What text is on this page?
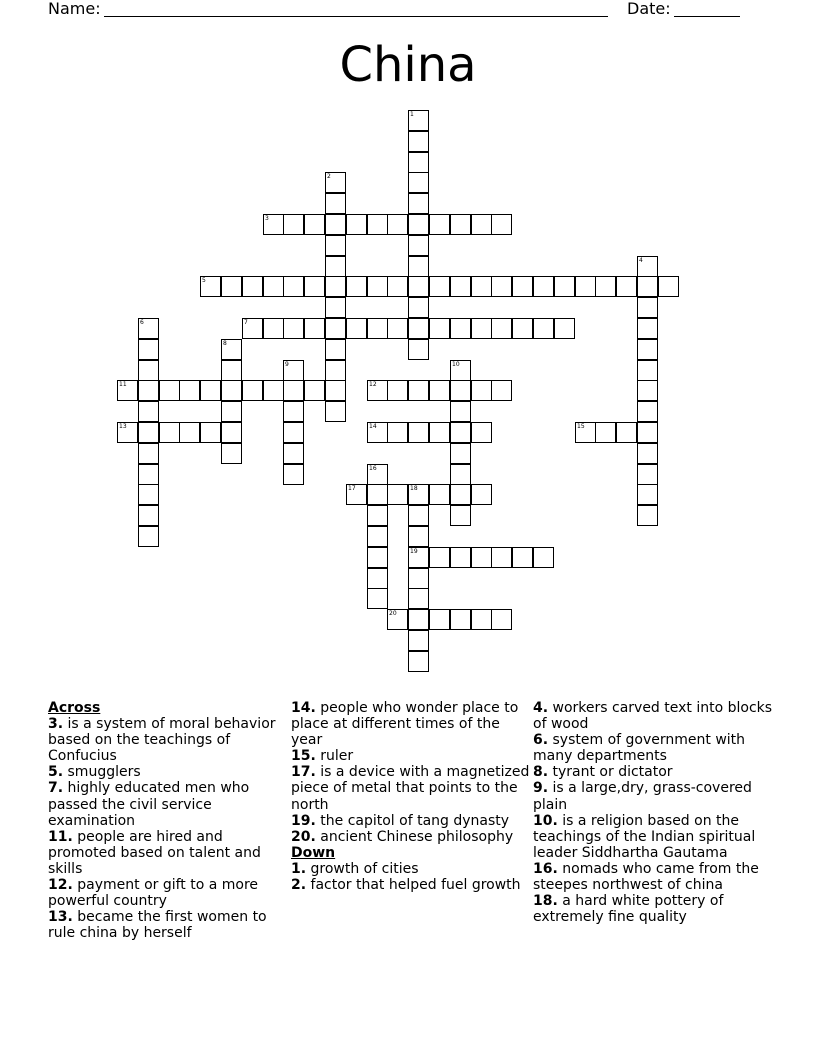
Name:	Date:
China
3
5
7
11	12
13	14	15
17	18
19
20
1
2
4
6
8
9	10
16
Across
3. is a system of moral behavior based on the teachings of Confucius
5. smugglers
7. highly educated men who passed the civil service examination
11. people are hired and promoted based on talent and skills
12. payment or gift to a more powerful country
13. became the first women to rule china by herself
14. people who wonder place to place at different times of the year
15. ruler
17. is a device with a magnetized piece of metal that points to the north
19. the capitol of tang dynasty
20. ancient Chinese philosophy
Down
1. growth of cities
2. factor that helped fuel growth
4. workers carved text into blocks of wood
6. system of government with many departments
8. tyrant or dictator
9. is a large,dry, grass-covered plain
10. is a religion based on the teachings of the Indian spiritual leader Siddhartha Gautama
16. nomads who came from the steepes northwest of china
18. a hard white pottery of extremely fine quality
